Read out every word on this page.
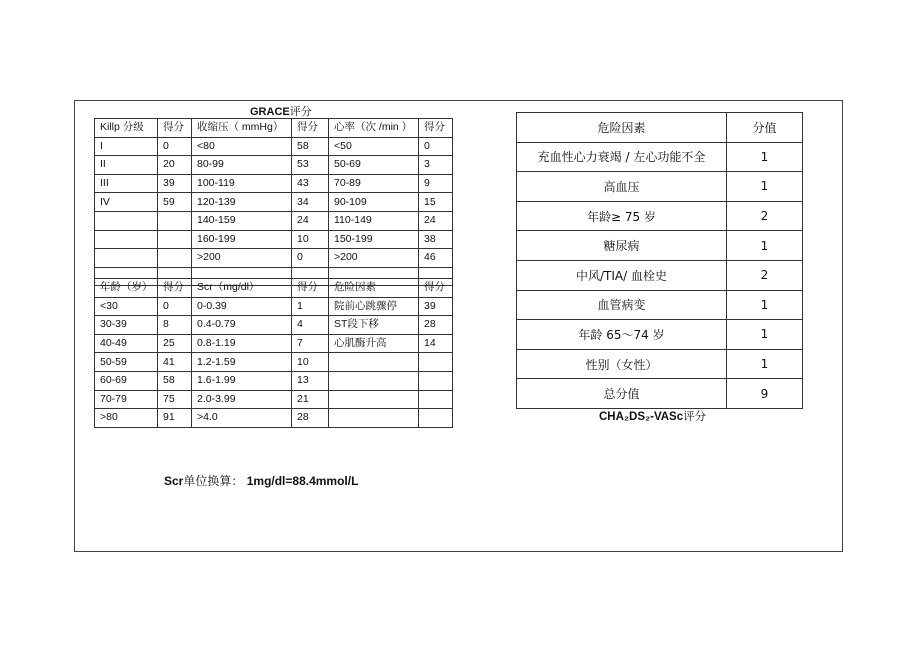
GRACE评分
Killp 分级	得分	收缩压（ mmHg）	得分	心率（次 /min ）	得分
I	0	<80	58	<50	0
II	20	80-99	53	50-69	3
III	39	100-119	43	70-89	9
IV	59	120-139	34	90-109	15
		140-159	24	110-149	24
		160-199	10	150-199	38
		>200	0	>200	46

年龄（岁）	得分	Scr（mg/dl）	得分	危险因素	得分
<30	0	0-0.39	1	院前心跳骤停	39
30-39	8	0.4-0.79	4	ST段下移	28
40-49	25	0.8-1.19	7	心肌酶升高	14
50-59	41	1.2-1.59	10		
60-69	58	1.6-1.99	13		
70-79	75	2.0-3.99	21		
>80	91	>4.0	28		
危险因素	分值
充血性心力衰竭 / 左心功能不全	1
高血压	1
年龄≥ 75 岁	2
糖尿病	1
中风/TIA/ 血栓史	2
血管病变	1
年龄 65～74 岁	1
性别（女性）	1
总分值	9
CHA₂DS₂-VASc评分
Scr单位换算： 1mg/dl=88.4mmol/L
